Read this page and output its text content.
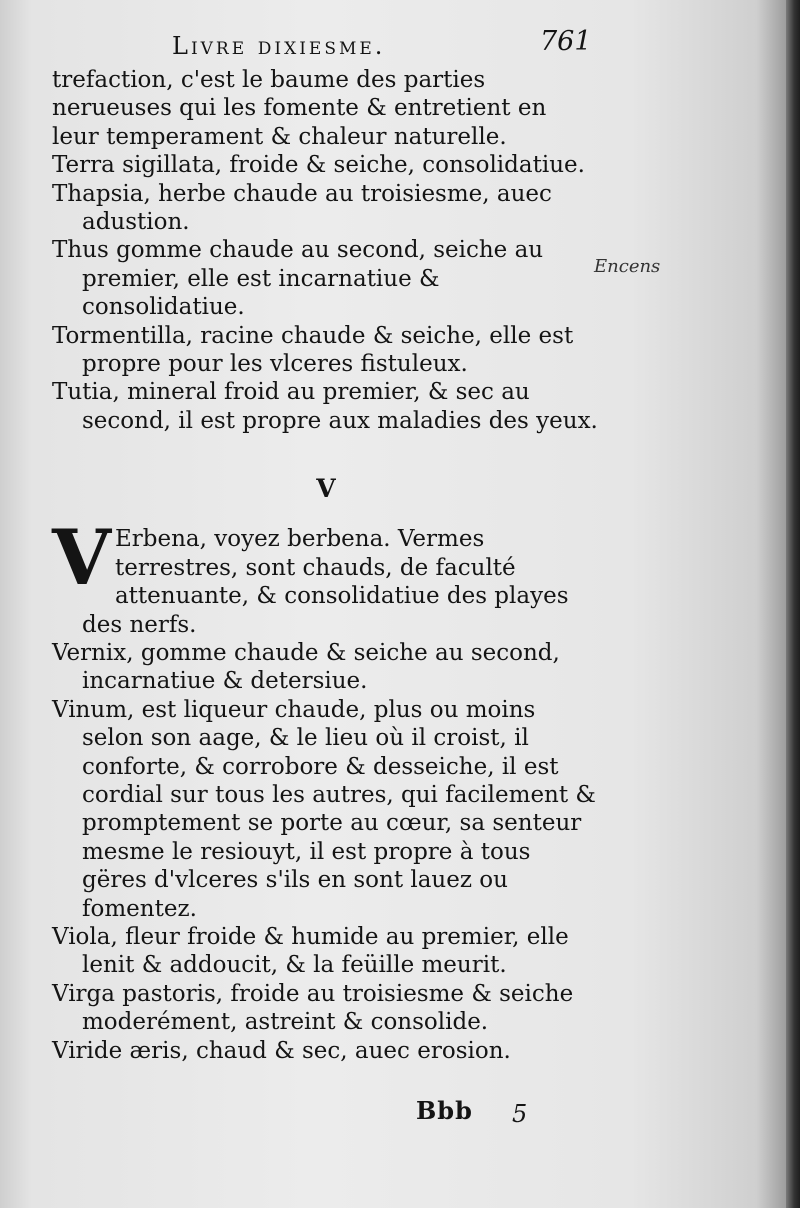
Livre dixiesme.	761
Encens

trefaction, c'est le baume des parties nerueuses qui les fomente & entretient en leur temperament & chaleur naturelle.

Terra sigillata, froide & seiche, consolidatiue.

Thapsia, herbe chaude au troisiesme, auec adustion.

Thus gomme chaude au second, seiche au premier, elle est incarnatiue & consolidatiue.

Tormentilla, racine chaude & seiche, elle est propre pour les vlceres fistuleux.

Tutia, mineral froid au premier, & sec au second, il est propre aux maladies des yeux.

V

V Erbena, voyez berbena. Vermes terrestres, sont chauds, de faculté attenuante, & consolidatiue des playes des nerfs.

Vernix, gomme chaude & seiche au second, incarnatiue & detersiue.

Vinum, est liqueur chaude, plus ou moins selon son aage, & le lieu où il croist, il conforte, & corrobore & desseiche, il est cordial sur tous les autres, qui facilement & promptement se porte au cœur, sa senteur mesme le resiouyt, il est propre à tous gëres d'vlceres s'ils en sont lauez ou fomentez.

Viola, fleur froide & humide au premier, elle lenit & addoucit, & la feüille meurit.

Virga pastoris, froide au troisiesme & seiche moderément, astreint & consolide.

Viride æris, chaud & sec, auec erosion.

Bbb 5
